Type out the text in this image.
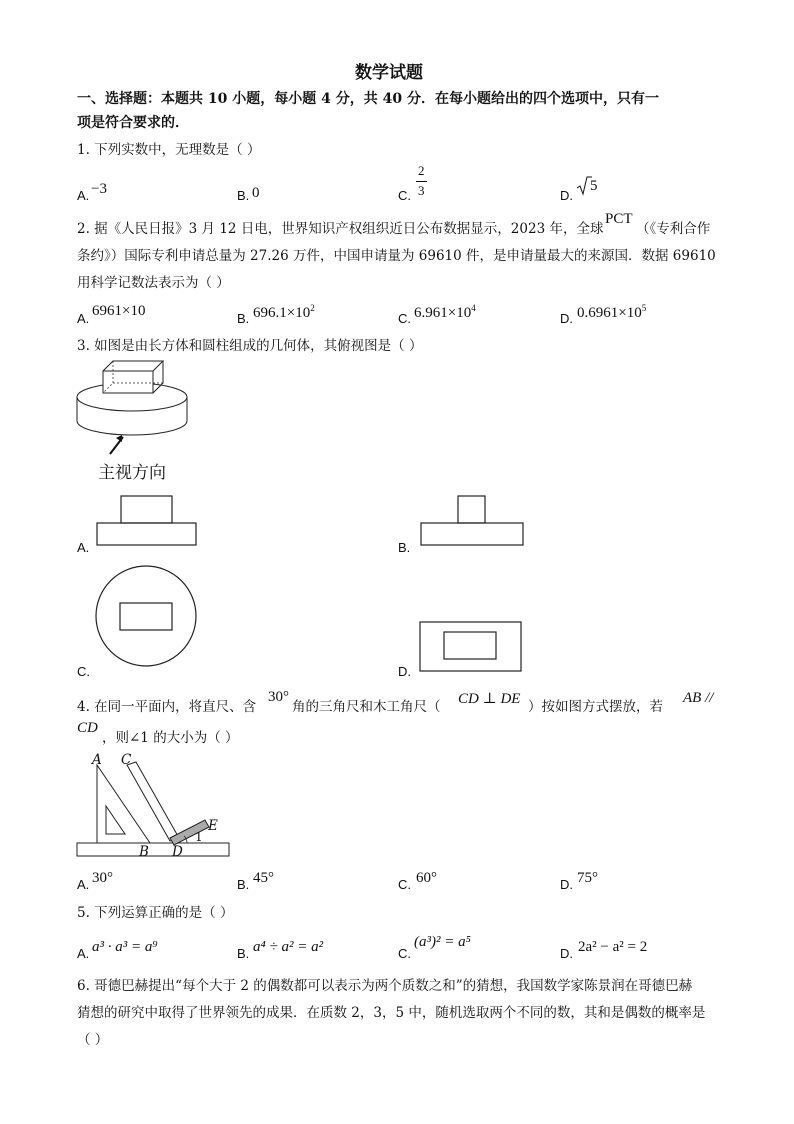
数学试题
一、选择题：本题共 10 小题，每小题 4 分，共 40 分．在每小题给出的四个选项中，只有一
项是符合要求的．
1. 下列实数中，无理数是（ ）
A. −3	B. 0	C.
2
3	D.
5
2. 据《人民日报》3 月 12 日电，世界知识产权组织近日公布数据显示，2023 年，全球
PCT
（《专利合作
条约》）国际专利申请总量为 27.26 万件，中国申请量为 69610 件，是申请量最大的来源国．数据 69610
用科学记数法表示为（ ）
A. 6961×10	B. $696.1\times 10^2$
C. $6.961\times 10^4$
D. $0.6961\times 10^5$
3. 如图是由长方体和圆柱组成的几何体，其俯视图是（ ）
主视方向
A.	B.
C.	D.
4. 在同一平面内，将直尺、含
30°
角的三角尺和木工角尺（ CD ⊥ DE ）按如图方式摆放，若
AB //
CD
，则∠1 的大小为（ ）
A C
E
1
B D
A. 30°	B. 45°	C. 60°	D. 75°
5. 下列运算正确的是（ ）
A. a³ · a³ = a⁹	B. a⁴ ÷ a² = a²	C.
(a³)² = a⁵
D. 2a² − a² = 2
6. 哥德巴赫提出“每个大于 2 的偶数都可以表示为两个质数之和”的猜想，我国数学家陈景润在哥德巴赫
猜想的研究中取得了世界领先的成果．在质数 2，3，5 中，随机选取两个不同的数，其和是偶数的概率是
（ ）
